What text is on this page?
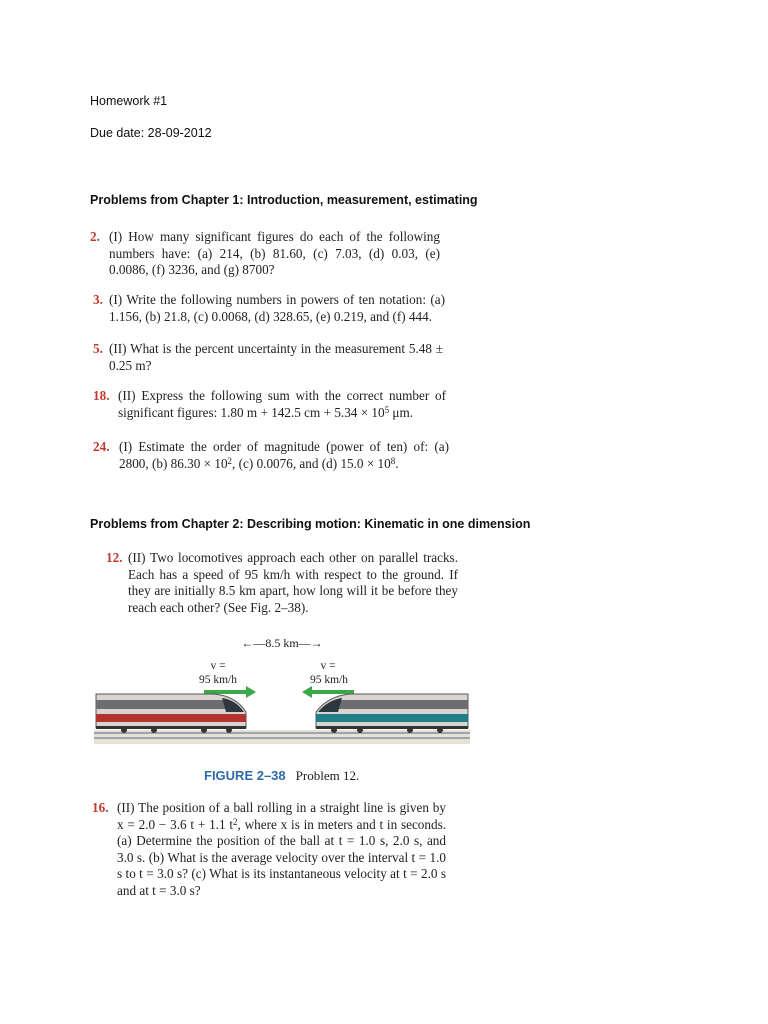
Homework #1
Due date: 28-09-2012
Problems from Chapter 1: Introduction, measurement, estimating
2. (I) How many significant figures do each of the following numbers have: (a) 214, (b) 81.60, (c) 7.03, (d) 0.03, (e) 0.0086, (f) 3236, and (g) 8700?
3. (I) Write the following numbers in powers of ten notation: (a) 1.156, (b) 21.8, (c) 0.0068, (d) 328.65, (e) 0.219, and (f) 444.
5. (II) What is the percent uncertainty in the measurement 5.48 ± 0.25 m?
18. (II) Express the following sum with the correct number of significant figures: 1.80 m + 142.5 cm + $5.34 \times 10^5$ μm.
24. (I) Estimate the order of magnitude (power of ten) of: (a) 2800, (b) $86.30 \times 10^2$, (c) 0.0076, and (d) $15.0 \times 10^8$.
Problems from Chapter 2: Describing motion: Kinematic in one dimension
12. (II) Two locomotives approach each other on parallel tracks. Each has a speed of 95 km/h with respect to the ground. If they are initially 8.5 km apart, how long will it be before they reach each other? (See Fig. 2–38).
←—8.5 km—→
v =
95 km/h
v =
95 km/h
FIGURE 2–38 Problem 12.
16. (II) The position of a ball rolling in a straight line is given by x = 2.0 − 3.6 t + 1.1 $t^2$, where x is in meters and t in seconds. (a) Determine the position of the ball at t = 1.0 s, 2.0 s, and 3.0 s. (b) What is the average velocity over the interval t = 1.0 s to t = 3.0 s? (c) What is its instantaneous velocity at t = 2.0 s and at t = 3.0 s?
